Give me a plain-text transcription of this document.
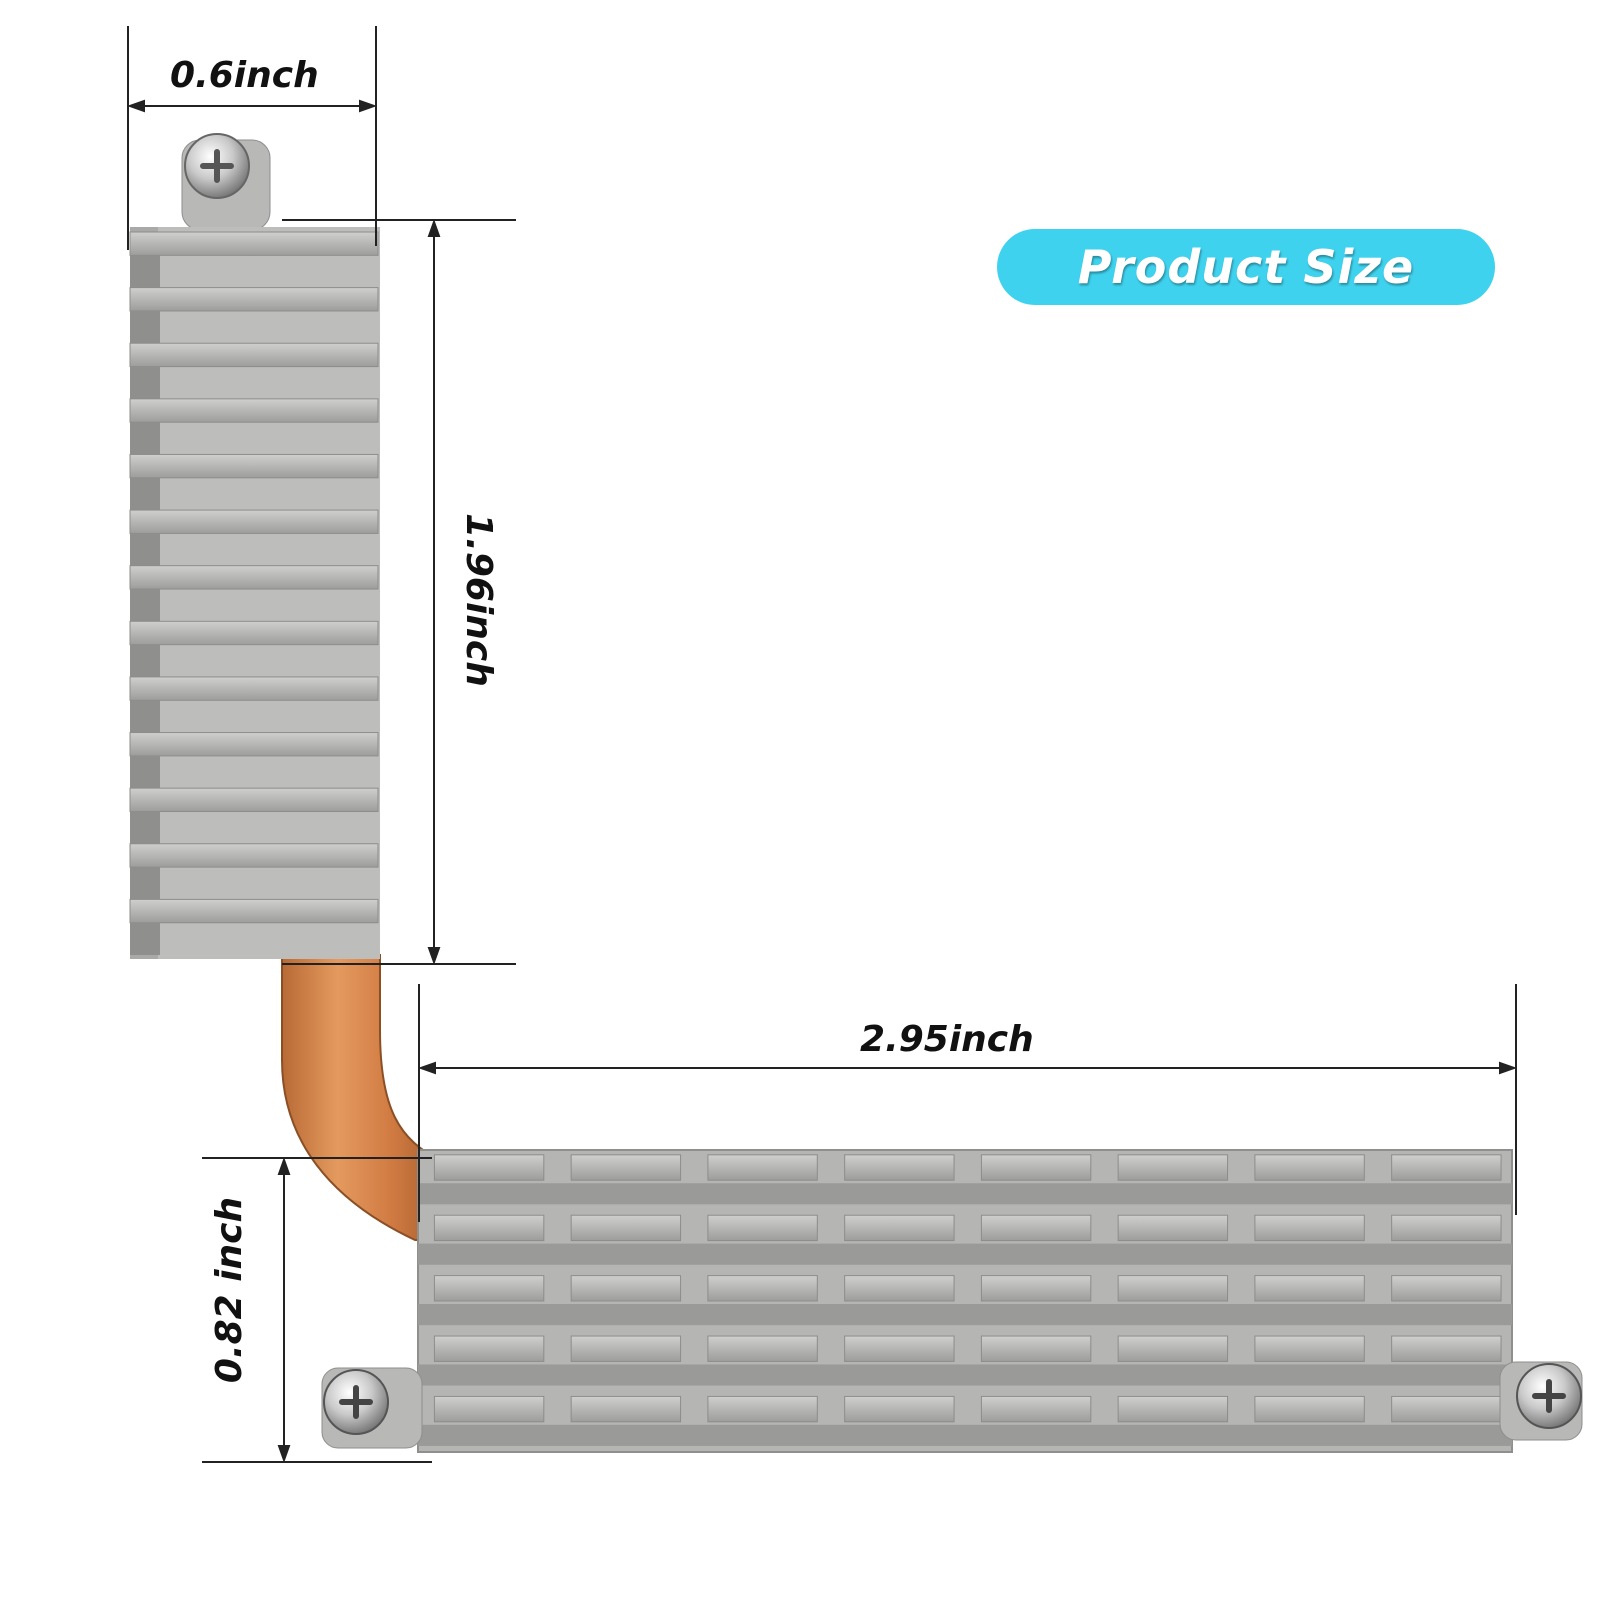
Product Size
0.6inch
1.96inch
2.95inch
0.82 inch
